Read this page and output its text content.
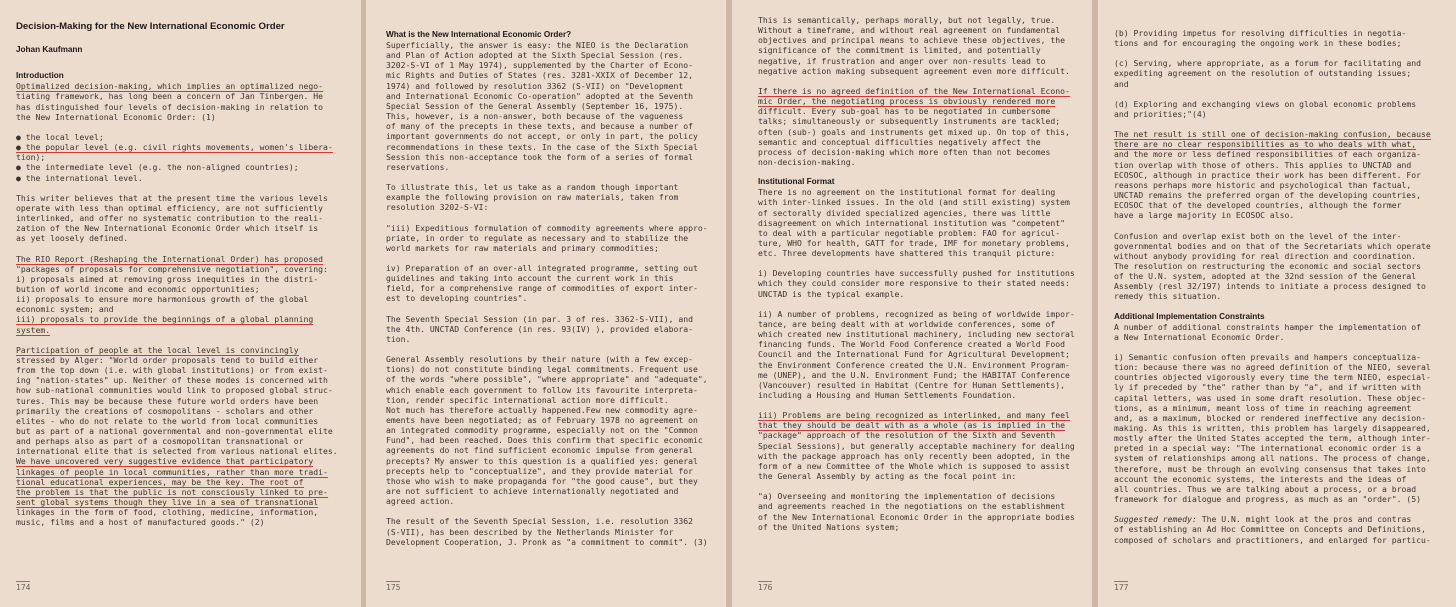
Decision-Making for the New International Economic Order
Johan Kaufmann
Introduction
Optimalized decision-making, which implies an optimalized nego-
tiating framework, has long been a concern of Jan Tinbergen. He
has distinguished four levels of decision-making in relation to
the New International Economic Order: (1)
● the local level;
● the popular level (e.g. civil rights movements, women's libera-
tion);
● the intermediate level (e.g. the non-aligned countries);
● the international level.
This writer believes that at the present time the various levels
operate with less than optimal efficiency, are not sufficiently
interlinked, and offer no systematic contribution to the reali-
zation of the New International Economic Order which itself is
as yet loosely defined.
The RIO Report (Reshaping the International Order) has proposed
"packages of proposals for comprehensive negotiation", covering:
i) proposals aimed at removing gross inequities in the distri-
bution of world income and economic opportunities;
ii) proposals to ensure more harmonious growth of the global
economic system; and
iii) proposals to provide the beginnings of a global planning
system.
Participation of people at the local level is convincingly
stressed by Alger: "World order proposals tend to build either
from the top down (i.e. with global institutions) or from exist-
ing "nation-states" up. Neither of these modes is concerned with
how sub-national communities would link to proposed global struc-
tures. This may be because these future world orders have been
primarily the creations of cosmopolitans - scholars and other
elites - who do not relate to the world from local communities
but as part of a national governmental and non-governmental elite
and perhaps also as part of a cosmopolitan transnational or
international elite that is selected from various national elites.
We have uncovered very suggestive evidence that participatory
linkages of people in local communities, rather than more tradi-
tional educational experiences, may be the key. The root of
the problem is that the public is not consciously linked to pre-
sent global systems though they live in a sea of transnational
linkages in the form of food, clothing, medicine, information,
music, films and a host of manufactured goods." (2)
174
What is the New International Economic Order?
Superficially, the answer is easy: the NIEO is the Declaration
and Plan of Action adopted at the Sixth Special Session (res.
3202-S-VI of 1 May 1974), supplemented by the Charter of Econo-
mic Rights and Duties of States (res. 3281-XXIX of December 12,
1974) and followed by resolution 3362 (S-VII) on "Development
and International Economic Co-operation" adopted at the Seventh
Special Session of the General Assembly (September 16, 1975).
This, however, is a non-answer, both because of the vagueness
of many of the precepts in these texts, and because a number of
important governments do not accept, or only in part, the policy
recommendations in these texts. In the case of the Sixth Special
Session this non-acceptance took the form of a series of formal
reservations.
To illustrate this, let us take as a random though important
example the following provision on raw materials, taken from
resolution 3202-S-VI:
"iii) Expeditious formulation of commodity agreements where appro-
priate, in order to regulate as necessary and to stabilize the
world markets for raw materials and primary commodities;
iv) Preparation of an over-all integrated programme, setting out
guidelines and taking into account the current work in this
field, for a comprehensive range of commodities of export inter-
est to developing countries".
The Seventh Special Session (in par. 3 of res. 3362-S-VII), and
the 4th. UNCTAD Conference (in res. 93(IV) ), provided elabora-
tion.
General Assembly resolutions by their nature (with a few excep-
tions) do not constitute binding legal commitments. Frequent use
of the words "where possible", "where appropriate" and "adequate",
which enable each government to follow its favourite interpreta-
tion, render specific international action more difficult.
Not much has therefore actually happened.Few new commodity agre-
ements have been negotiated; as of February 1978 no agreement on
an integrated commodity programme, especially not on the "Common
Fund", had been reached. Does this confirm that specific economic
agreements do not find sufficient economic impulse from general
precepts? My answer to this question is a qualified yes: general
precepts help to "conceptualize", and they provide material for
those who wish to make propaganda for "the good cause", but they
are not sufficient to achieve internationally negotiated and
agreed action.
The result of the Seventh Special Session, i.e. resolution 3362
(S-VII), has been described by the Netherlands Minister for
Development Cooperation, J. Pronk as "a commitment to commit". (3)
175
This is semantically, perhaps morally, but not legally, true.
Without a timeframe, and without real agreement on fundamental
objectives and principal means to achieve these objectives, the
significance of the commitment is limited, and potentially
negative, if frustration and anger over non-results lead to
negative action making subsequent agreement even more difficult.
If there is no agreed definition of the New International Econo-
mic Order, the negotiating process is obviously rendered more
difficult. Every sub-goal has to be negotiated in cumbersome
talks; simultaneously or subsequently instruments are tackled;
often (sub-) goals and instruments get mixed up. On top of this,
semantic and conceptual difficulties negatively affect the
process of decision-making which more often than not becomes
non-decision-making.
Institutional Format
There is no agreement on the institutional format for dealing
with inter-linked issues. In the old (and still existing) system
of sectorally divided specialized agencies, there was little
disagreement on which international institution was "competent"
to deal with a particular negotiable problem: FAO for agricul-
ture, WHO for health, GATT for trade, IMF for monetary problems,
etc. Three developments have shattered this tranquil picture:
i) Developing countries have successfully pushed for institutions
which they could consider more responsive to their stated needs:
UNCTAD is the typical example.
ii) A number of problems, recognized as being of worldwide impor-
tance, are being dealt with at worldwide conferences, some of
which created new institutional machinery, including new sectoral
financing funds. The World Food Conference created a World Food
Council and the International Fund for Agricultural Development;
the Environment Conference created the U.N. Environment Program-
me (UNEP), and the U.N. Environment Fund; the HABITAT Conference
(Vancouver) resulted in Habitat (Centre for Human Settlements),
including a Housing and Human Settlements Foundation.
iii) Problems are being recognized as interlinked, and many feel
that they should be dealt with as a whole (as is implied in the
"package" approach of the resolution of the Sixth and Seventh
Special Sessions), but generally acceptable machinery for dealing
with the package approach has only recently been adopted, in the
form of a new Committee of the Whole which is supposed to assist
the General Assembly by acting as the focal point in:
"a) Overseeing and monitoring the implementation of decisions
and agreements reached in the negotiations on the establishment
of the New International Economic Order in the appropriate bodies
of the United Nations system;
176
(b) Providing impetus for resolving difficulties in negotia-
tions and for encouraging the ongoing work in these bodies;
(c) Serving, where appropriate, as a forum for facilitating and
expediting agreement on the resolution of outstanding issues;
and
(d) Exploring and exchanging views on global economic problems
and priorities;"(4)
The net result is still one of decision-making confusion, because
there are no clear responsibilities as to who deals with what,
and the more or less defined responsibilities of each organiza-
tion overlap with those of others. This applies to UNCTAD and
ECOSOC, although in practice their work has been different. For
reasons perhaps more historic and psychological than factual,
UNCTAD remains the preferred organ of the developing countries,
ECOSOC that of the developed countries, although the former
have a large majority in ECOSOC also.
Confusion and overlap exist both on the level of the inter-
governmental bodies and on that of the Secretariats which operate
without anybody providing for real direction and coordination.
The resolution on restructuring the economic and social sectors
of the U.N. system, adopted at the 32nd session of the General
Assembly (resl 32/197) intends to initiate a process designed to
remedy this situation.
Additional Implementation Constraints
A number of additional constraints hamper the implementation of
a New International Economic Order.
i) Semantic confusion often prevails and hampers conceptualiza-
tion: because there was no agreed definition of the NIEO, several
countries objected vigorously every time the term NIEO, especial-
ly if preceded by "the" rather than by "a", and if written with
capital letters, was used in some draft resolution. These objec-
tions, as a minimum, meant loss of time in reaching agreement
and, as a maximum, blocked or rendered ineffective any decision-
making. As this is written, this problem has largely disappeared,
mostly after the United States accepted the term, although inter-
preted in a special way: "The international economic order is a
system of relationships among all nations. The process of change,
therefore, must be through an evolving consensus that takes into
account the economic systems, the interests and the ideas of
all countries. Thus we are talking about a process, or a broad
framework for dialogue and progress, as much as an "order". (5)
Suggested remedy: The U.N. might look at the pros and contras
of establishing an Ad Hoc Committee on Concepts and Definitions,
composed of scholars and practitioners, and enlarged for particu-
177
